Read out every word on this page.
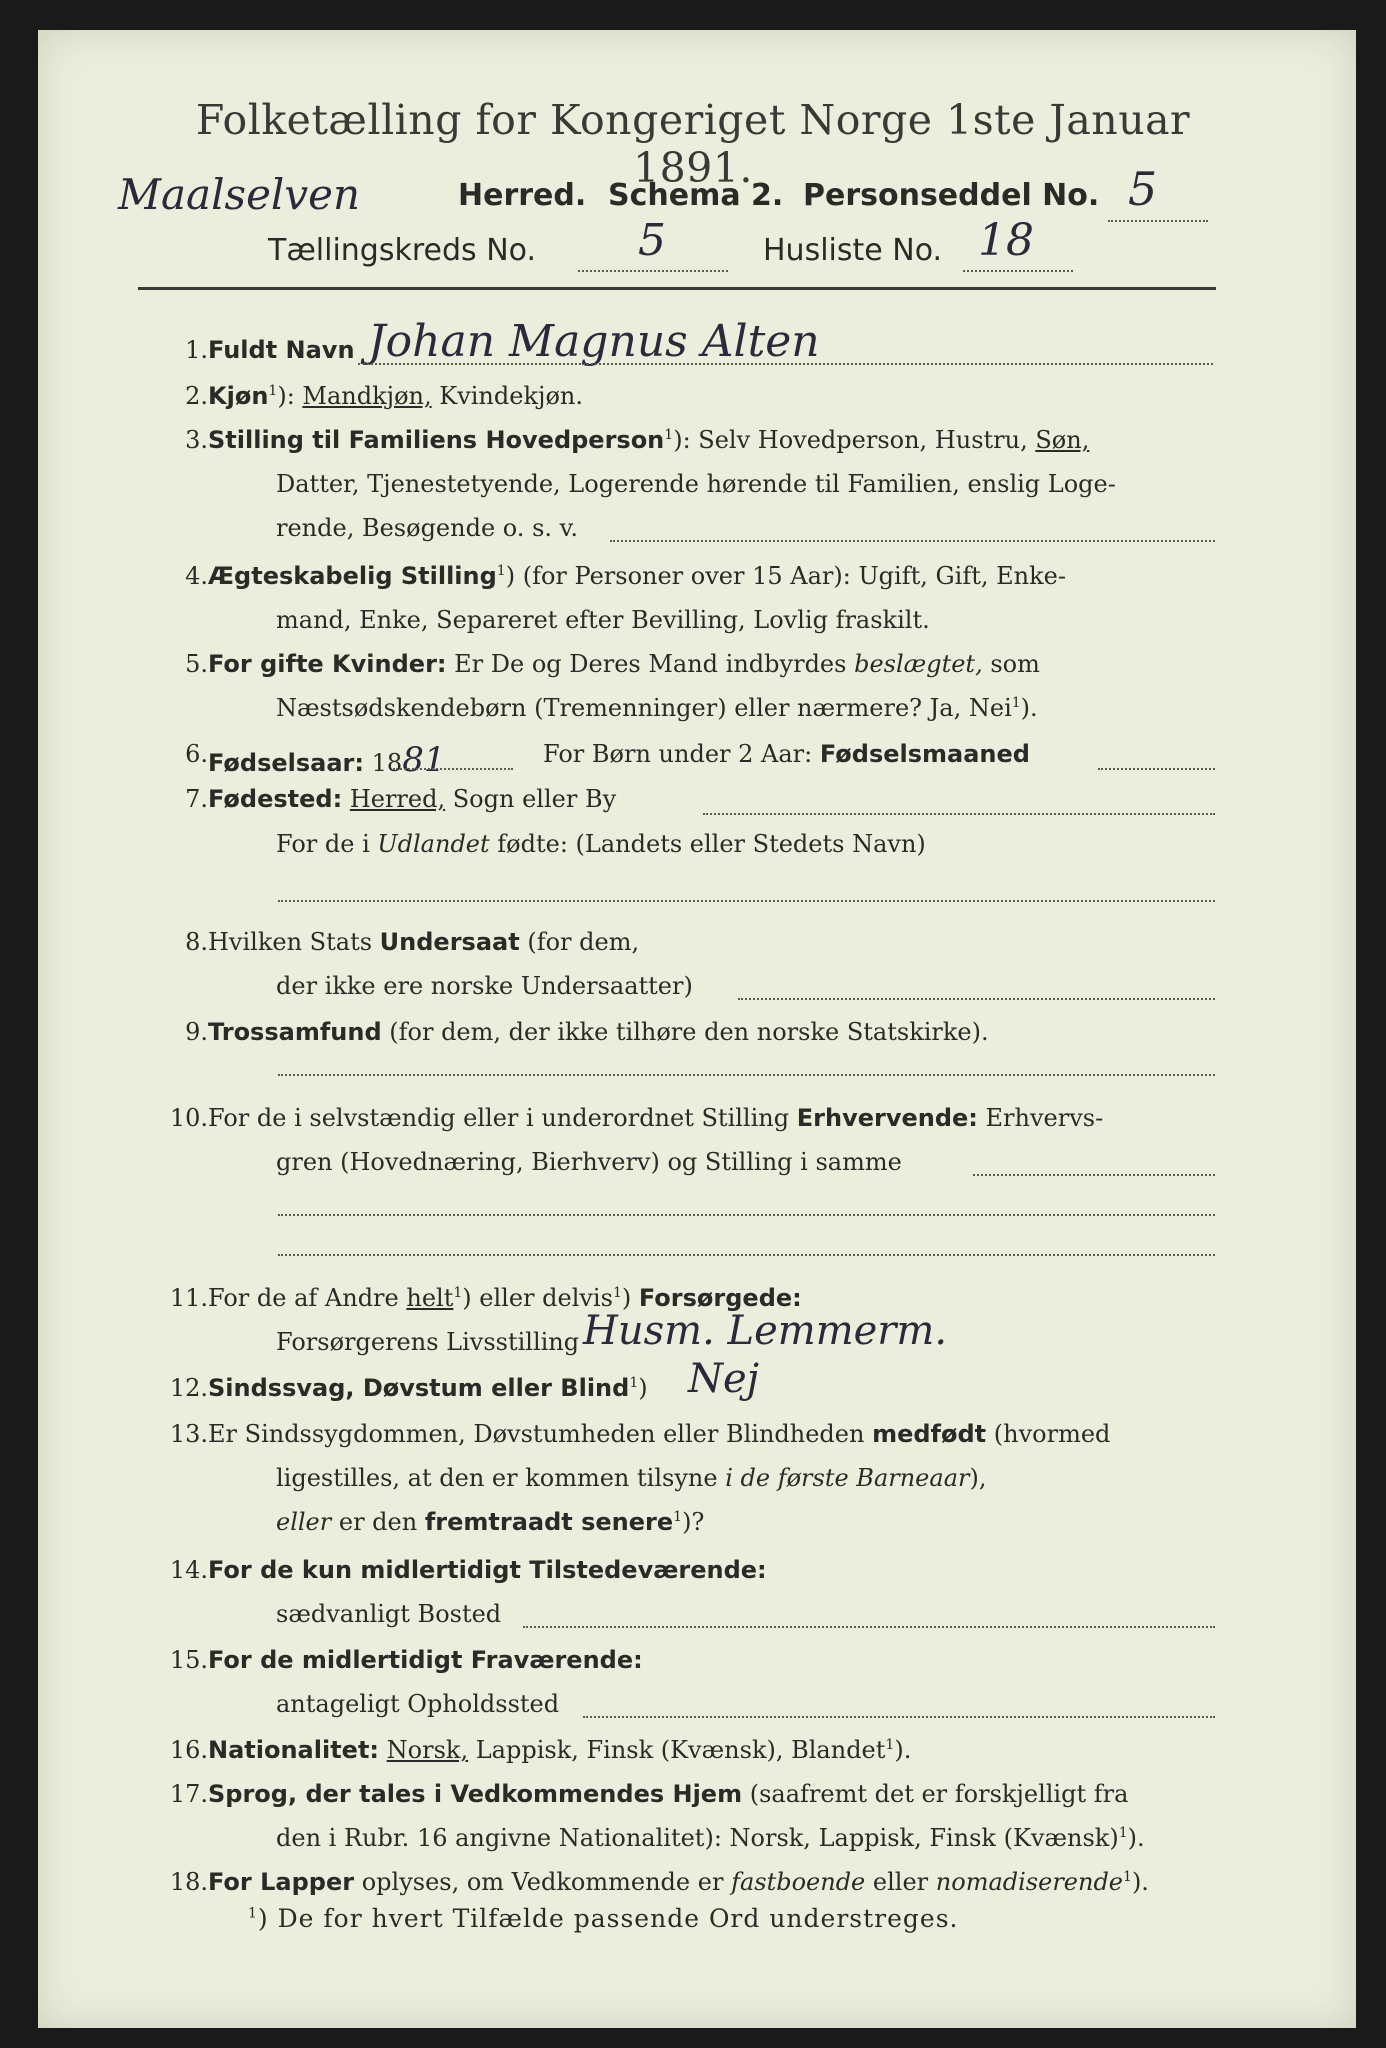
Folketælling for Kongeriget Norge 1ste Januar 1891.
Maalselven	Herred. Schema 2. Personseddel No. 5
Tællingskreds No. 5	Husliste No. 18
1. Fuldt Navn Johan Magnus Alten
2. Kjøn$^1$): Mandkjøn, Kvindekjøn.
3. Stilling til Familiens Hovedperson$^1$): Selv Hovedperson, Hustru, Søn,
Datter, Tjenestetyende, Logerende hørende til Familien, enslig Loge-
rende, Besøgende o. s. v.
4. Ægteskabelig Stilling$^1$) (for Personer over 15 Aar): Ugift, Gift, Enke-
mand, Enke, Separeret efter Bevilling, Lovlig fraskilt.
5. For gifte Kvinder: Er De og Deres Mand indbyrdes beslægtet, som
Næstsødskendebørn (Tremenninger) eller nærmere? Ja, Nei$^1$).
6. Fødselsaar: 1881	For Børn under 2 Aar: Fødselsmaaned
7. Fødested: Herred, Sogn eller By
For de i Udlandet fødte: (Landets eller Stedets Navn)
8. Hvilken Stats Undersaat (for dem,
der ikke ere norske Undersaatter)
9. Trossamfund (for dem, der ikke tilhøre den norske Statskirke).
10. For de i selvstændig eller i underordnet Stilling Erhvervende: Erhvervs-
gren (Hovednæring, Bierhverv) og Stilling i samme
11. For de af Andre helt$^1$) eller delvis$^1$) Forsørgede:
Forsørgerens Livsstilling Husm. Lemmerm.
12. Sindssvag, Døvstum eller Blind$^1$) Nej
13. Er Sindssygdommen, Døvstumheden eller Blindheden medfødt (hvormed
ligestilles, at den er kommen tilsyne i de første Barneaar),
eller er den fremtraadt senere$^1$)?
14. For de kun midlertidigt Tilstedeværende:
sædvanligt Bosted
15. For de midlertidigt Fraværende:
antageligt Opholdssted
16. Nationalitet: Norsk, Lappisk, Finsk (Kvænsk), Blandet$^1$).
17. Sprog, der tales i Vedkommendes Hjem (saafremt det er forskjelligt fra
den i Rubr. 16 angivne Nationalitet): Norsk, Lappisk, Finsk (Kvænsk)$^1$).
18. For Lapper oplyses, om Vedkommende er fastboende eller nomadiserende$^1$).
$^1$) De for hvert Tilfælde passende Ord understreges.
